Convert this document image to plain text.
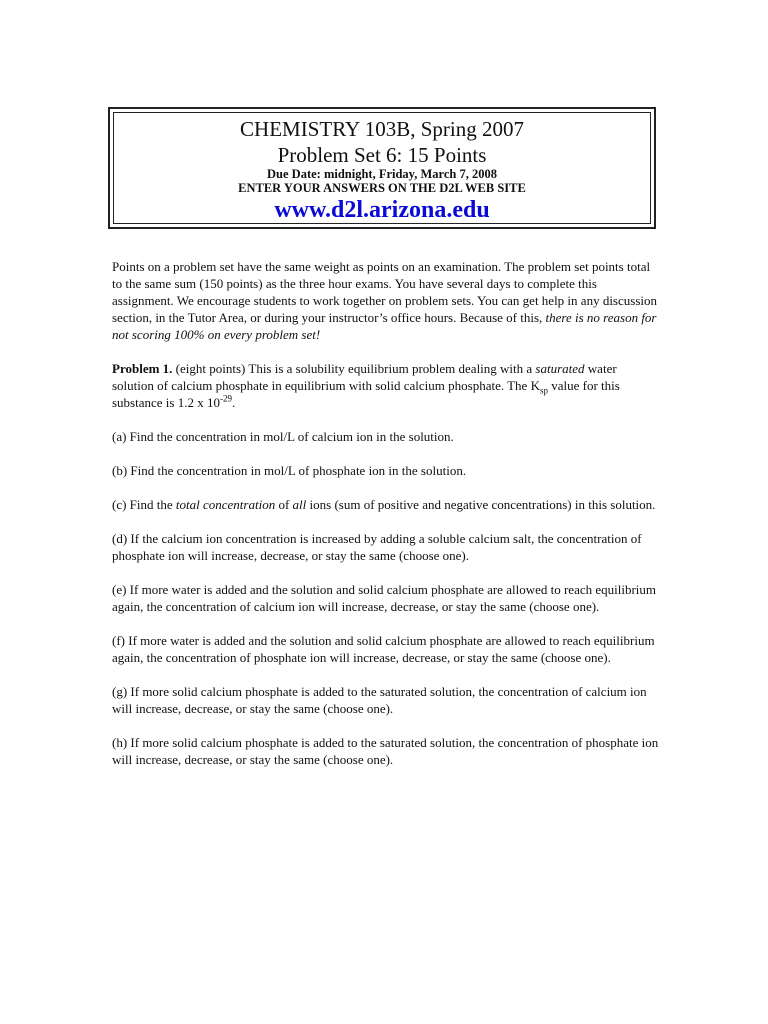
CHEMISTRY 103B, Spring 2007
Problem Set 6: 15 Points
Due Date: midnight, Friday, March 7, 2008
ENTER YOUR ANSWERS ON THE D2L WEB SITE
www.d2l.arizona.edu

Points on a problem set have the same weight as points on an examination. The problem set points total to the same sum (150 points) as the three hour exams. You have several days to complete this assignment. We encourage students to work together on problem sets. You can get help in any discussion section, in the Tutor Area, or during your instructor’s office hours. Because of this, there is no reason for not scoring 100% on every problem set!

Problem 1. (eight points) This is a solubility equilibrium problem dealing with a saturated water solution of calcium phosphate in equilibrium with solid calcium phosphate. The $K_{sp}$ value for this substance is 1.2 x $10^{-29}$.

(a) Find the concentration in mol/L of calcium ion in the solution.

(b) Find the concentration in mol/L of phosphate ion in the solution.

(c) Find the total concentration of all ions (sum of positive and negative concentrations) in this solution.

(d) If the calcium ion concentration is increased by adding a soluble calcium salt, the concentration of phosphate ion will increase, decrease, or stay the same (choose one).

(e) If more water is added and the solution and solid calcium phosphate are allowed to reach equilibrium again, the concentration of calcium ion will increase, decrease, or stay the same (choose one).

(f) If more water is added and the solution and solid calcium phosphate are allowed to reach equilibrium again, the concentration of phosphate ion will increase, decrease, or stay the same (choose one).

(g) If more solid calcium phosphate is added to the saturated solution, the concentration of calcium ion will increase, decrease, or stay the same (choose one).

(h) If more solid calcium phosphate is added to the saturated solution, the concentration of phosphate ion will increase, decrease, or stay the same (choose one).
